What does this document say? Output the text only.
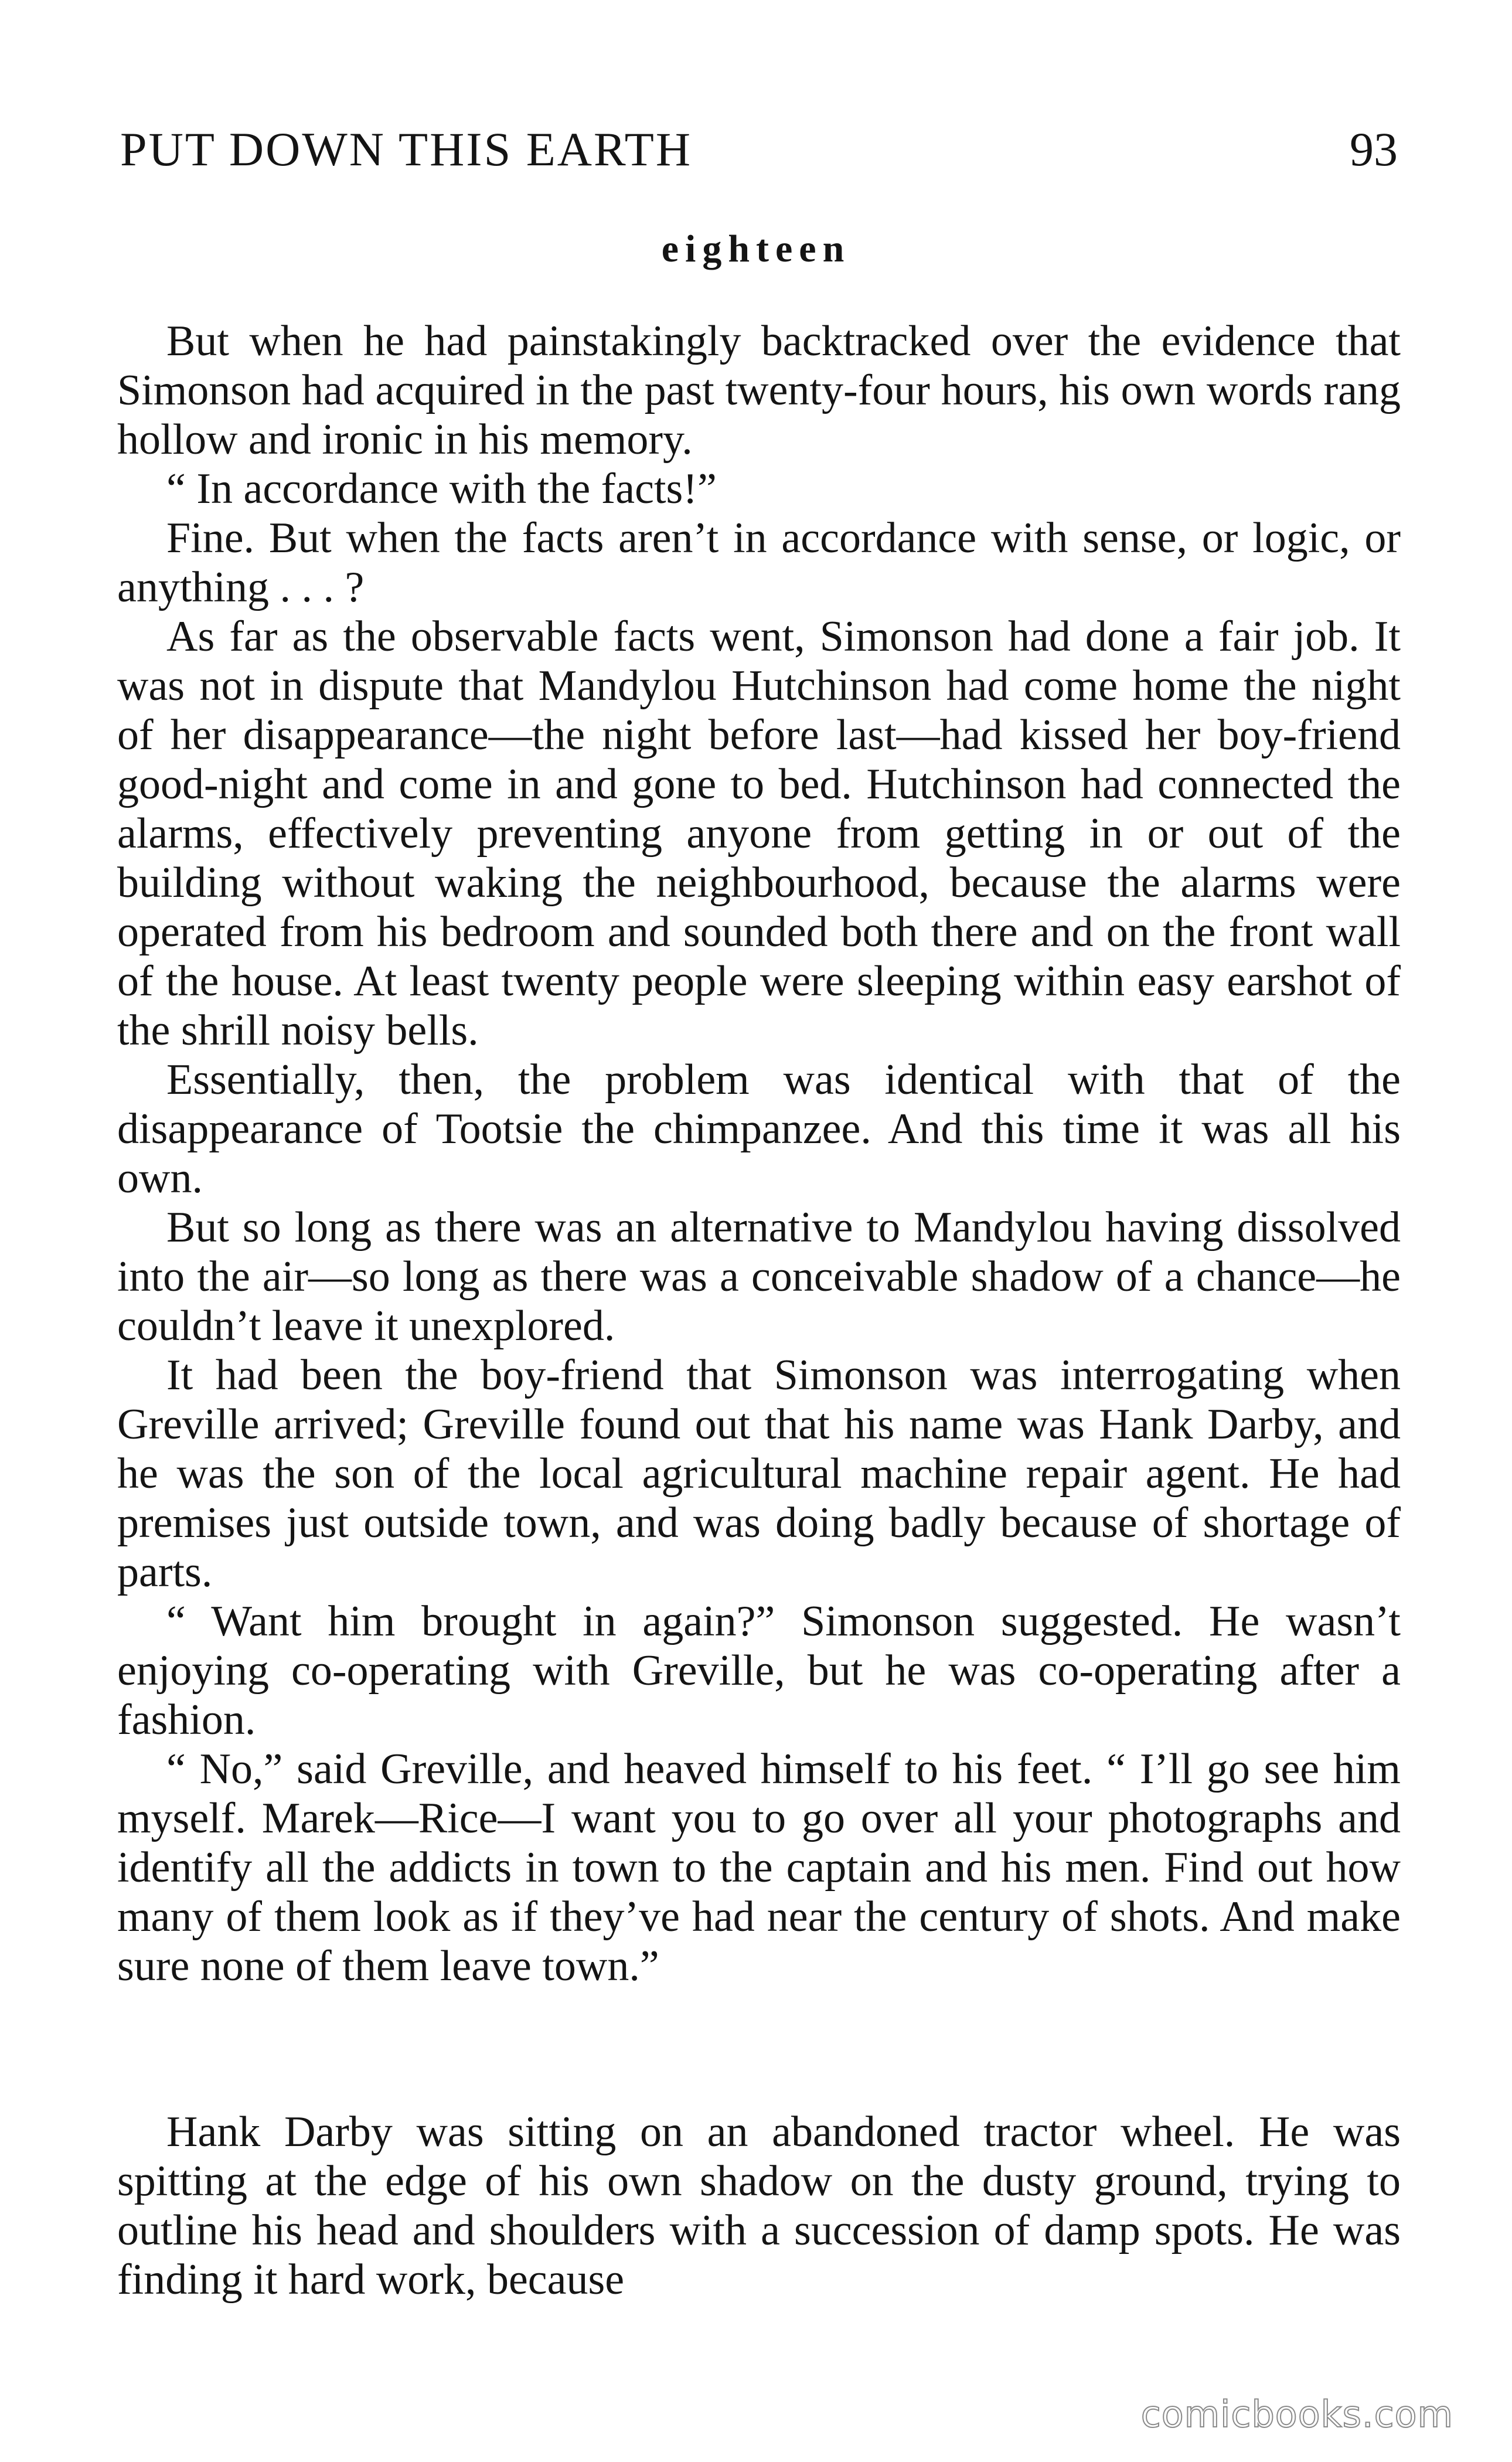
PUT DOWN THIS EARTH	93
eighteen

But when he had painstakingly backtracked over the evidence that Simonson had acquired in the past twenty-four hours, his own words rang hollow and ironic in his memory.

“ In accordance with the facts!”

Fine. But when the facts aren’t in accordance with sense, or logic, or anything . . . ?

As far as the observable facts went, Simonson had done a fair job. It was not in dispute that Mandylou Hutchinson had come home the night of her disappearance—the night before last—had kissed her boy-friend good-night and come in and gone to bed. Hutchinson had connected the alarms, effectively preventing anyone from getting in or out of the building without waking the neighbourhood, because the alarms were operated from his bedroom and sounded both there and on the front wall of the house. At least twenty people were sleeping within easy earshot of the shrill noisy bells.

Essentially, then, the problem was identical with that of the disappearance of Tootsie the chimpanzee. And this time it was all his own.

But so long as there was an alternative to Mandylou having dissolved into the air—so long as there was a conceivable shadow of a chance—he couldn’t leave it unexplored.

It had been the boy-friend that Simonson was interrogating when Greville arrived; Greville found out that his name was Hank Darby, and he was the son of the local agricultural machine repair agent. He had premises just outside town, and was doing badly because of shortage of parts.

“ Want him brought in again?” Simonson suggested. He wasn’t enjoying co-operating with Greville, but he was co-operating after a fashion.

“ No,” said Greville, and heaved himself to his feet. “ I’ll go see him myself. Marek—Rice—I want you to go over all your photographs and identify all the addicts in town to the captain and his men. Find out how many of them look as if they’ve had near the century of shots. And make sure none of them leave town.”

Hank Darby was sitting on an abandoned tractor wheel. He was spitting at the edge of his own shadow on the dusty ground, trying to outline his head and shoulders with a succession of damp spots. He was finding it hard work, because

comicbooks.com
